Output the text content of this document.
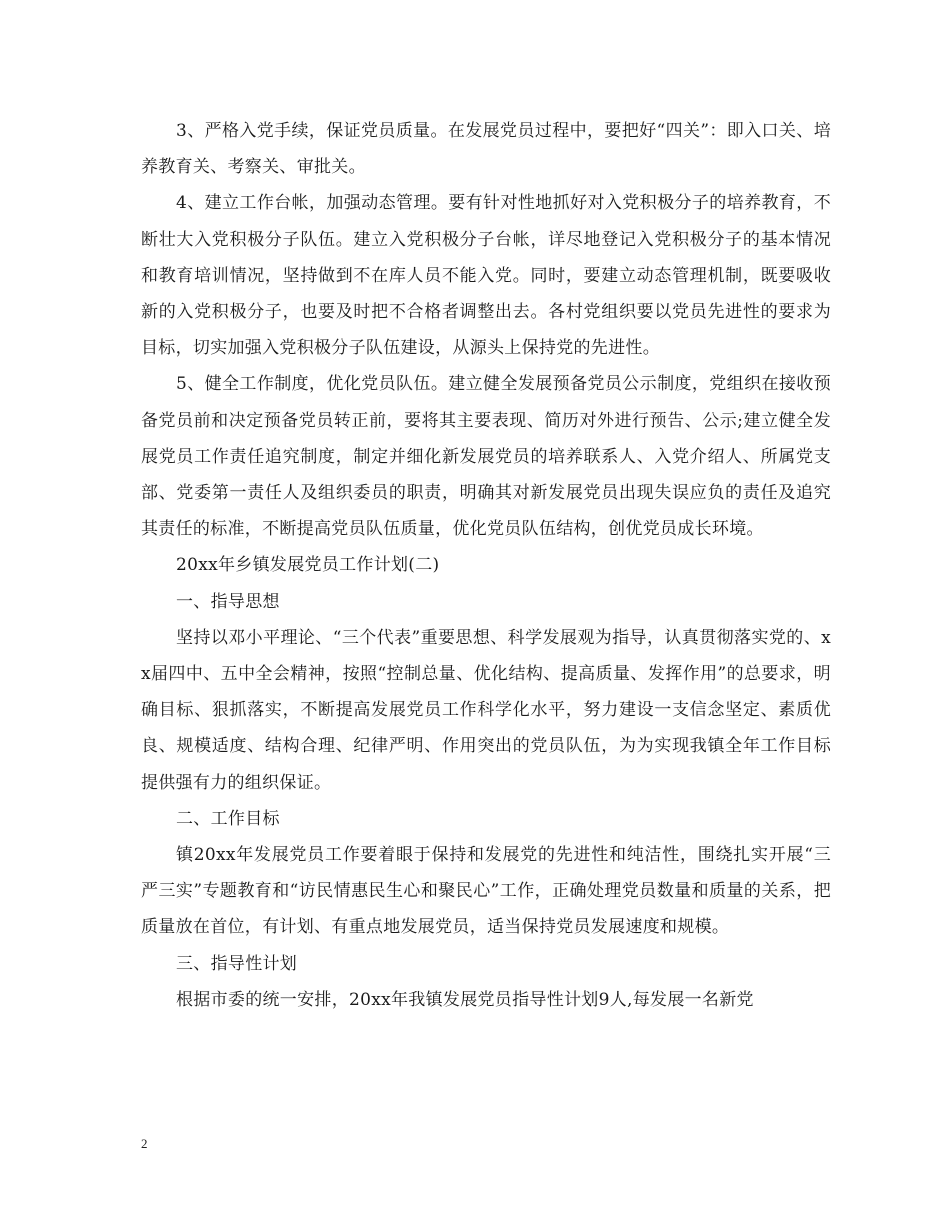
3、严格入党手续，保证党员质量。在发展党员过程中，要把好“四关”：即入口关、培养教育关、考察关、审批关。

4、建立工作台帐，加强动态管理。要有针对性地抓好对入党积极分子的培养教育，不断壮大入党积极分子队伍。建立入党积极分子台帐，详尽地登记入党积极分子的基本情况和教育培训情况，坚持做到不在库人员不能入党。同时，要建立动态管理机制，既要吸收新的入党积极分子，也要及时把不合格者调整出去。各村党组织要以党员先进性的要求为目标，切实加强入党积极分子队伍建设，从源头上保持党的先进性。

5、健全工作制度，优化党员队伍。建立健全发展预备党员公示制度，党组织在接收预备党员前和决定预备党员转正前，要将其主要表现、简历对外进行预告、公示;建立健全发展党员工作责任追究制度，制定并细化新发展党员的培养联系人、入党介绍人、所属党支部、党委第一责任人及组织委员的职责，明确其对新发展党员出现失误应负的责任及追究其责任的标准，不断提高党员队伍质量，优化党员队伍结构，创优党员成长环境。

20xx年乡镇发展党员工作计划(二)

一、指导思想

坚持以邓小平理论、“三个代表”重要思想、科学发展观为指导，认真贯彻落实党的、xx届四中、五中全会精神，按照“控制总量、优化结构、提高质量、发挥作用”的总要求，明确目标、狠抓落实，不断提高发展党员工作科学化水平，努力建设一支信念坚定、素质优良、规模适度、结构合理、纪律严明、作用突出的党员队伍，为为实现我镇全年工作目标提供强有力的组织保证。

二、工作目标

镇20xx年发展党员工作要着眼于保持和发展党的先进性和纯洁性，围绕扎实开展“三严三实”专题教育和“访民情惠民生心和聚民心”工作，正确处理党员数量和质量的关系，把质量放在首位，有计划、有重点地发展党员，适当保持党员发展速度和规模。

三、指导性计划

根据市委的统一安排，20xx年我镇发展党员指导性计划9人,每发展一名新党

2
